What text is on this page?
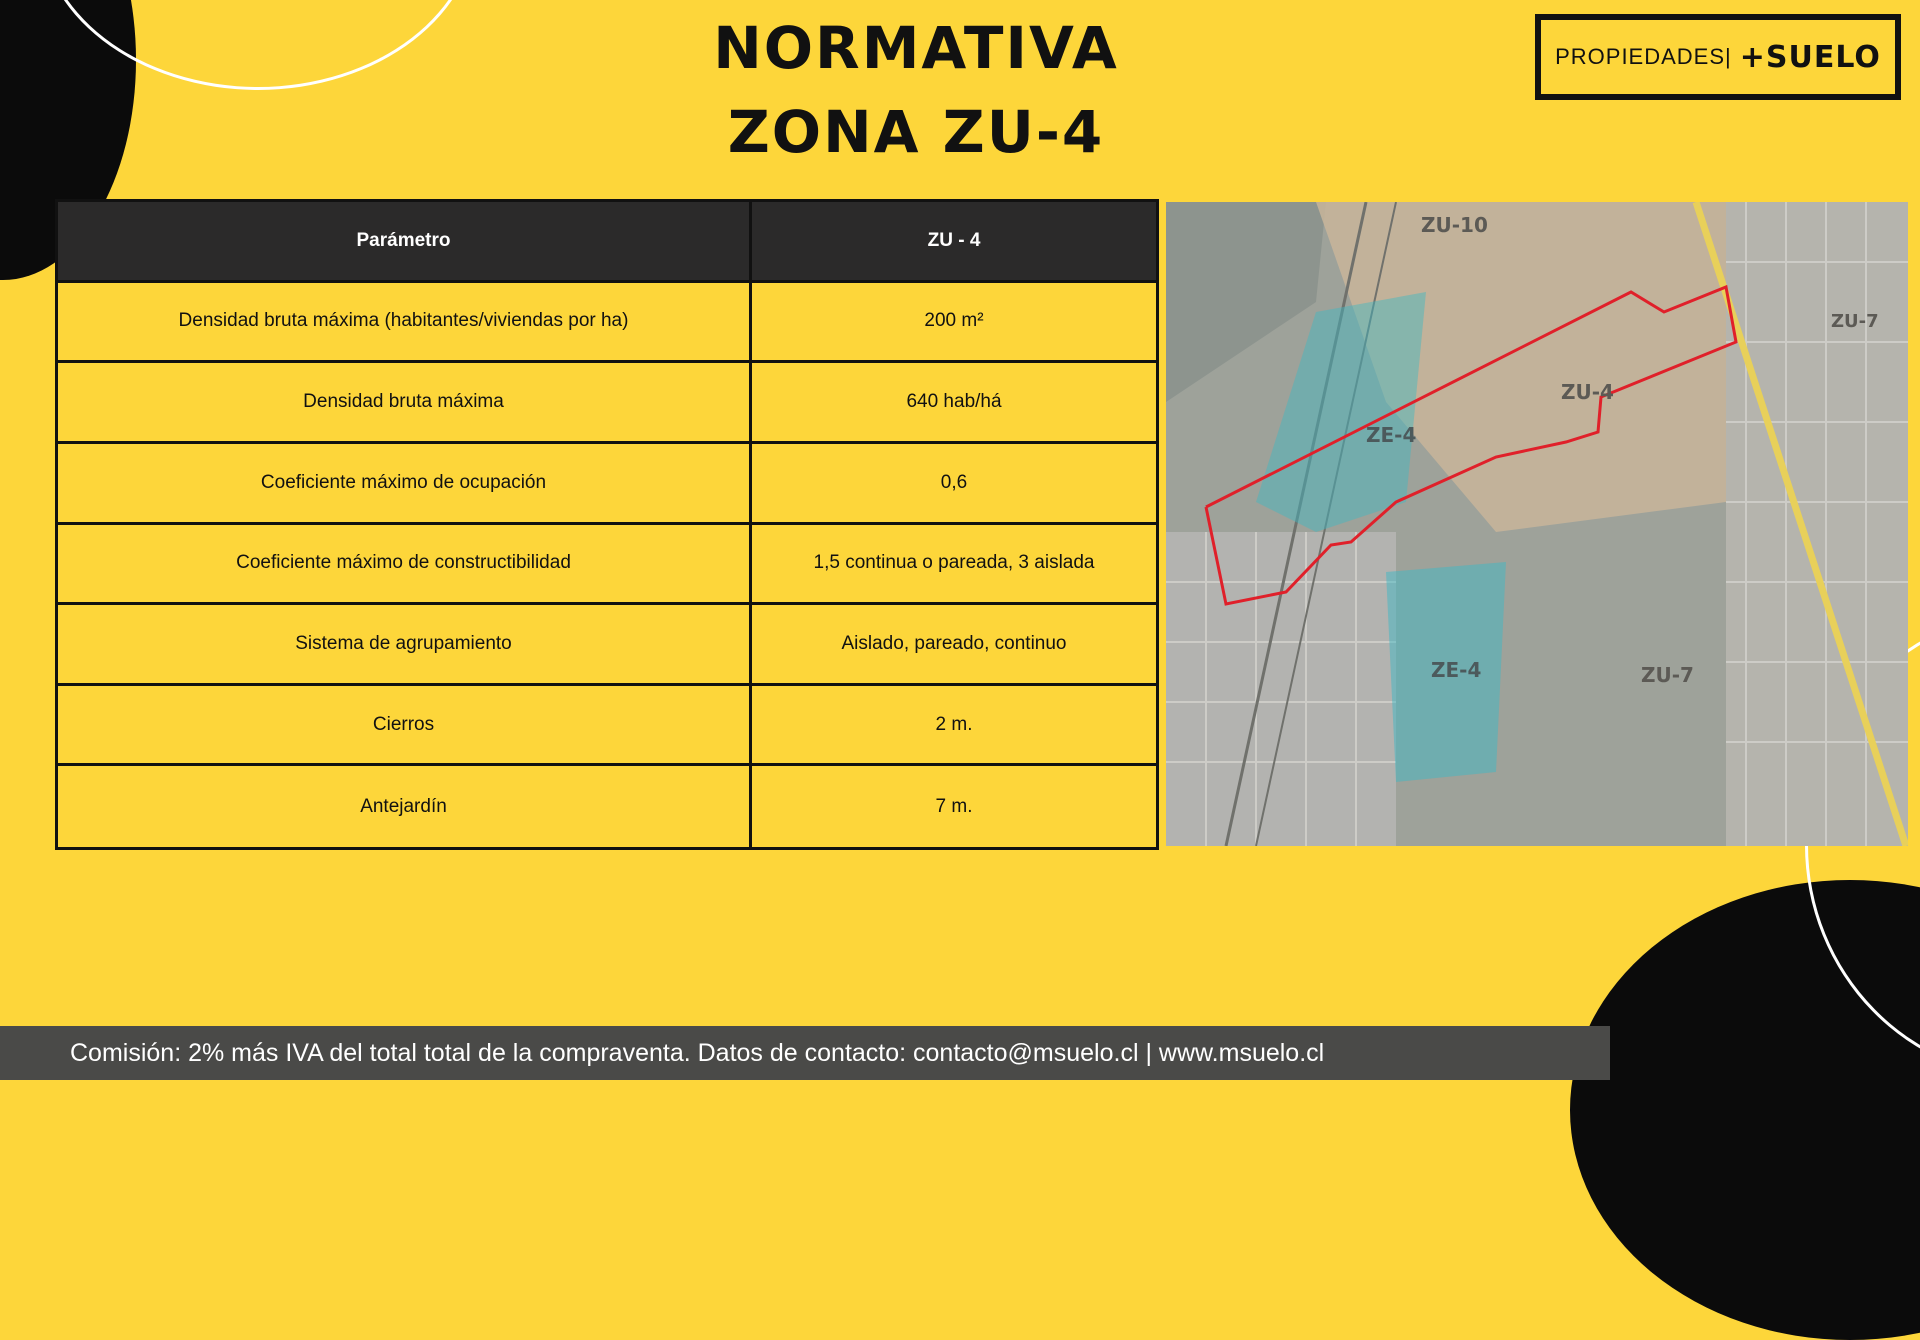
NORMATIVA
ZONA ZU-4
PROPIEDADES| +SUELO
Parámetro	ZU - 4
Densidad bruta máxima (habitantes/viviendas por ha)	200 m²
Densidad bruta máxima	640 hab/há
Coeficiente máximo de ocupación	0,6
Coeficiente máximo de constructibilidad	1,5 continua o pareada, 3 aislada
Sistema de agrupamiento	Aislado, pareado, continuo
Cierros	2 m.
Antejardín	7 m.
ZU-10
ZU-4
ZE-4
ZE-4	ZU-7
ZU-7
Comisión: 2% más IVA del total total de la compraventa. Datos de contacto: contacto@msuelo.cl | www.msuelo.cl
